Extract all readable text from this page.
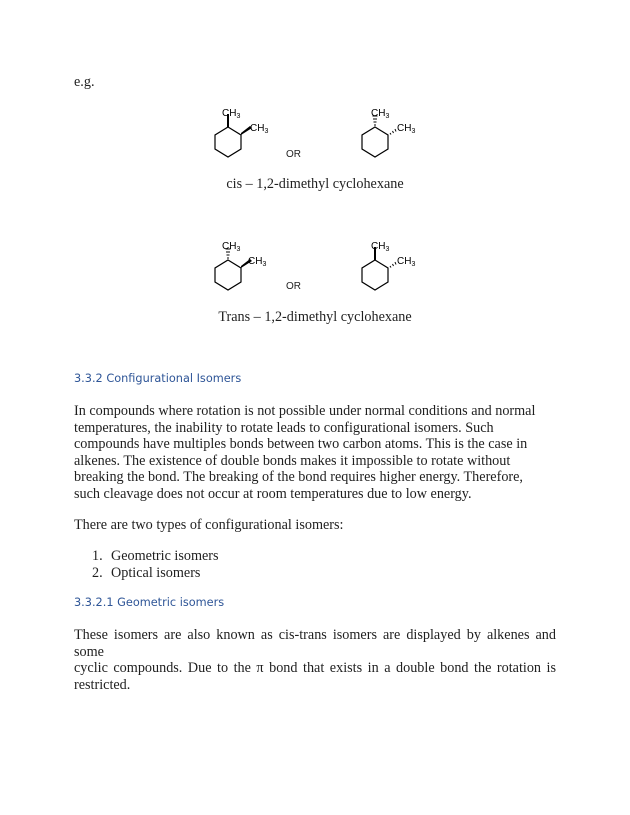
e.g.
$CH_3$
$CH_3$
$CH_3$
$CH_3$
OR
cis – 1,2-dimethyl cyclohexane
$CH_3$
$CH_3$
$CH_3$
$CH_3$
OR
Trans – 1,2-dimethyl cyclohexane
3.3.2 Configurational Isomers
In compounds where rotation is not possible under normal conditions and normal
temperatures, the inability to rotate leads to configurational isomers. Such
compounds have multiples bonds between two carbon atoms. This is the case in
alkenes. The existence of double bonds makes it impossible to rotate without
breaking the bond. The breaking of the bond requires higher energy. Therefore,
such cleavage does not occur at room temperatures due to low energy.
There are two types of configurational isomers:
1. Geometric isomers
2. Optical isomers
3.3.2.1 Geometric isomers
These isomers are also known as cis-trans isomers are displayed by alkenes and some
cyclic compounds. Due to the π bond that exists in a double bond the rotation is
restricted.
